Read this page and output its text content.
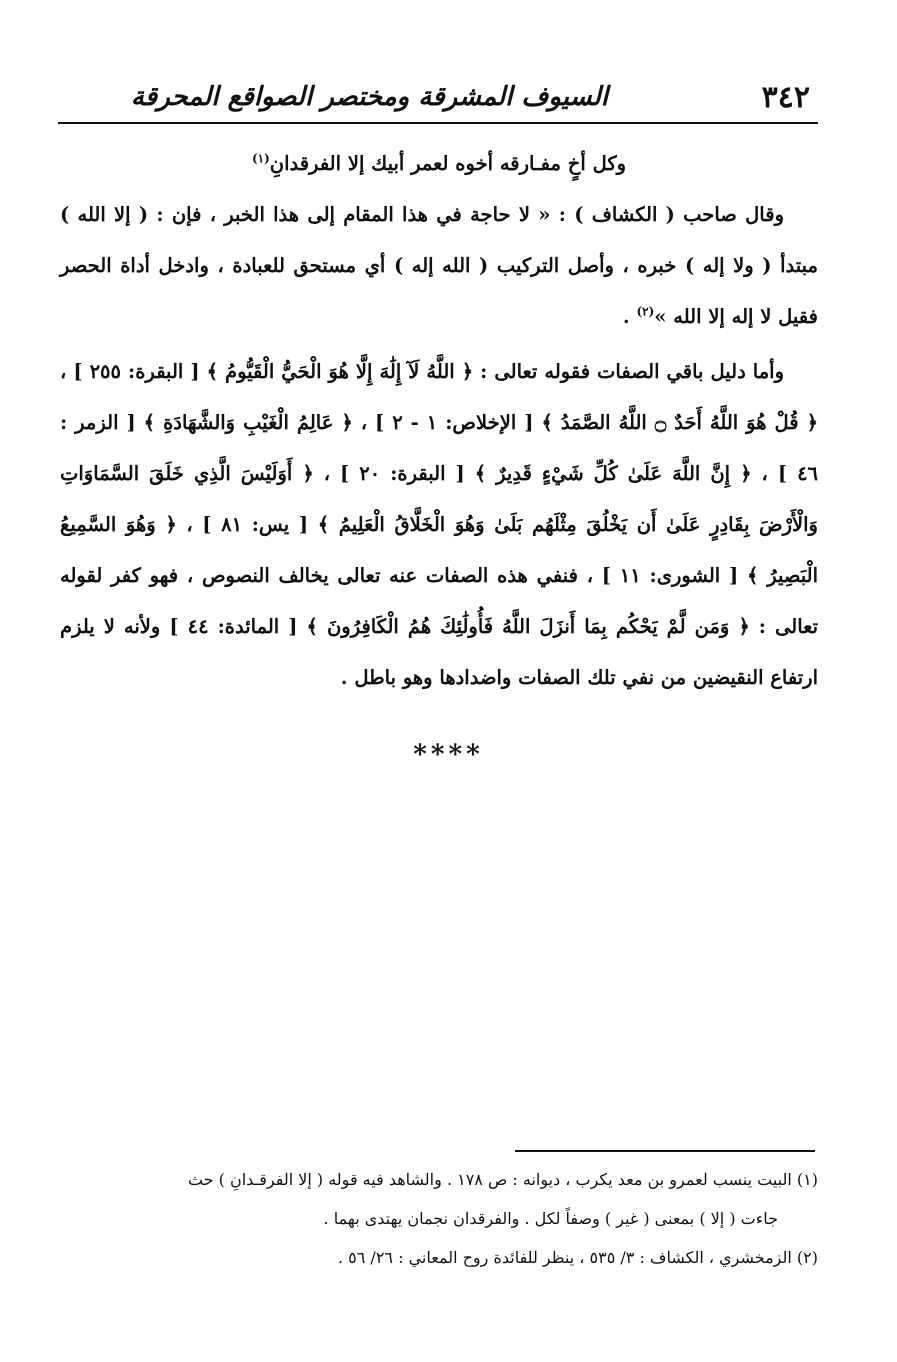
٣٤٢
السيوف المشرقة ومختصر الصواقع المحرقة

وكل أخٍ مفـارقه أخوه لعمر أبيك إلا الفرقدانِ$^{(١)}$

وقال صاحب ( الكشاف ) : « لا حاجة في هذا المقام إلى هذا الخبر ، فإن : ( إلا الله ) مبتدأ ( ولا إله ) خبره ، وأصل التركيب ( الله إله ) أي مستحق للعبادة ، وادخل أداة الحصر فقيل لا إله إلا الله »$^{(٢)}$ .

وأما دليل باقي الصفات فقوله تعالى : ﴿ اللَّهُ لَآ إِلَٰهَ إِلَّا هُوَ الْحَيُّ الْقَيُّومُ ﴾ [ البقرة: ٢٥٥ ] ، ﴿ قُلْ هُوَ اللَّهُ أَحَدٌ ۝ اللَّهُ الصَّمَدُ ﴾ [ الإخلاص: ١ - ٢ ] ، ﴿ عَالِمُ الْغَيْبِ وَالشَّهَادَةِ ﴾ [ الزمر : ٤٦ ] ، ﴿ إِنَّ اللَّهَ عَلَىٰ كُلِّ شَيْءٍ قَدِيرٌ ﴾ [ البقرة: ٢٠ ] ، ﴿ أَوَلَيْسَ الَّذِي خَلَقَ السَّمَاوَاتِ وَالْأَرْضَ بِقَادِرٍ عَلَىٰ أَن يَخْلُقَ مِثْلَهُم بَلَىٰ وَهُوَ الْخَلَّاقُ الْعَلِيمُ ﴾ [ يس: ٨١ ] ، ﴿ وَهُوَ السَّمِيعُ الْبَصِيرُ ﴾ [ الشورى: ١١ ] ، فنفي هذه الصفات عنه تعالى يخالف النصوص ، فهو كفر لقوله تعالى : ﴿ وَمَن لَّمْ يَحْكُم بِمَا أَنزَلَ اللَّهُ فَأُولَٰئِكَ هُمُ الْكَافِرُونَ ﴾ [ المائدة: ٤٤ ] ولأنه لا يلزم ارتفاع النقيضين من نفي تلك الصفات واضدادها وهو باطل .

****

(١) البيت ينسب لعمرو بن معد يكرب ، ديوانه : ص ١٧٨ . والشاهد فيه قوله ( إلا الفرقـدانِ ) حث

جاءت ( إلا ) بمعنى ( غير ) وصفاً لكل . والفرقدان نجمان يهتدى بهما .

(٢) الزمخشري ، الكشاف : ٣/ ٥٣٥ ، ينظر للفائدة روح المعاني : ٢٦/ ٥٦ .
